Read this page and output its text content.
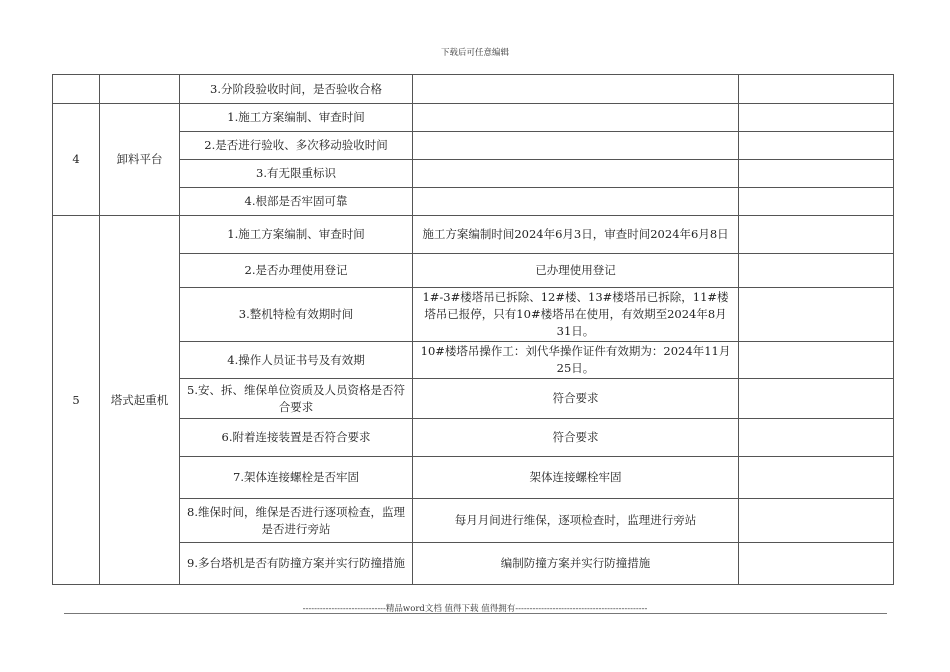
下载后可任意编辑
		3.分阶段验收时间，是否验收合格		
4	卸料平台	1.施工方案编制、审查时间		
		2.是否进行验收、多次移动验收时间		
		3.有无限重标识		
		4.根部是否牢固可靠		
5	塔式起重机	1.施工方案编制、审查时间	施工方案编制时间2024年6月3日，审查时间2024年6月8日	
		2.是否办理使用登记	已办理使用登记	
		3.整机特检有效期时间	1#-3#楼塔吊已拆除、12#楼、13#楼塔吊已拆除，11#楼塔吊已报停，只有10#楼塔吊在使用，有效期至2024年8月31日。	
		4.操作人员证书号及有效期	10#楼塔吊操作工：刘代华操作证件有效期为：2024年11月25日。	
		5.安、拆、维保单位资质及人员资格是否符合要求	符合要求	
		6.附着连接装置是否符合要求	符合要求	
		7.架体连接螺栓是否牢固	架体连接螺栓牢固	
		8.维保时间，维保是否进行逐项检查，监理是否进行旁站	每月月间进行维保，逐项检查时，监理进行旁站	
		9.多台塔机是否有防撞方案并实行防撞措施	编制防撞方案并实行防撞措施	
-----------------------------精品word文档 值得下载 值得拥有----------------------------------------------
